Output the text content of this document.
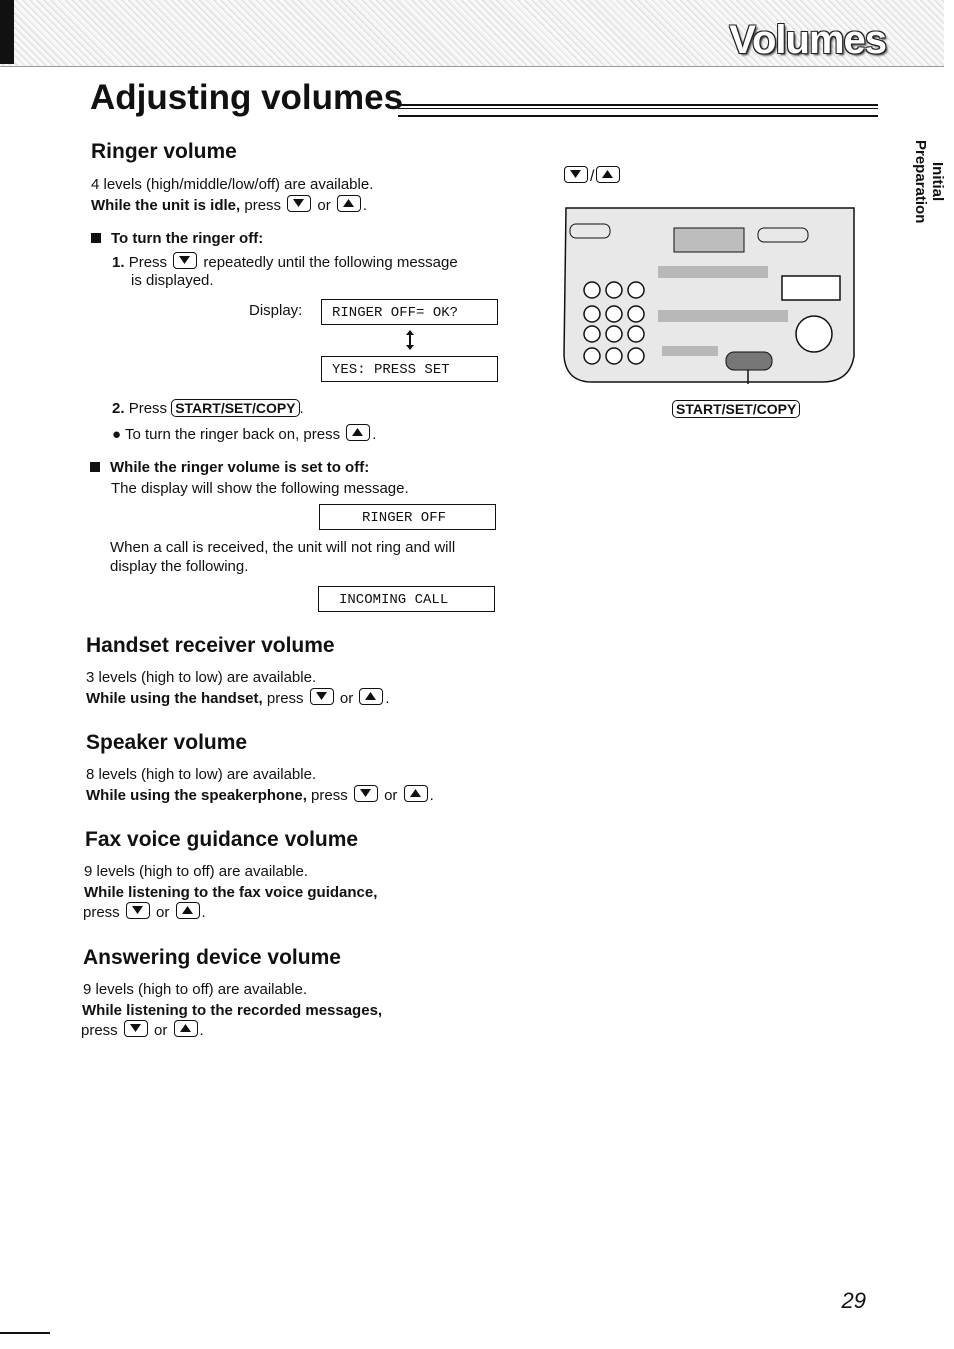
Volumes
Initial
Preparation
Adjusting volumes
Ringer volume
4 levels (high/middle/low/off) are available.
While the unit is idle, press or .
To turn the ringer off:
1. Press repeatedly until the following message
is displayed.
Display:	RINGER OFF= OK?
YES: PRESS SET
2. Press START/SET/COPY .
● To turn the ringer back on, press .
While the ringer volume is set to off:
The display will show the following message.
RINGER OFF
When a call is received, the unit will not ring and will
display the following.
INCOMING CALL
/
START/SET/COPY
Handset receiver volume
3 levels (high to low) are available.
While using the handset, press or .
Speaker volume
8 levels (high to low) are available.
While using the speakerphone, press or .
Fax voice guidance volume
9 levels (high to off) are available.
While listening to the fax voice guidance,
press or .
Answering device volume
9 levels (high to off) are available.
While listening to the recorded messages,
press or .
29
